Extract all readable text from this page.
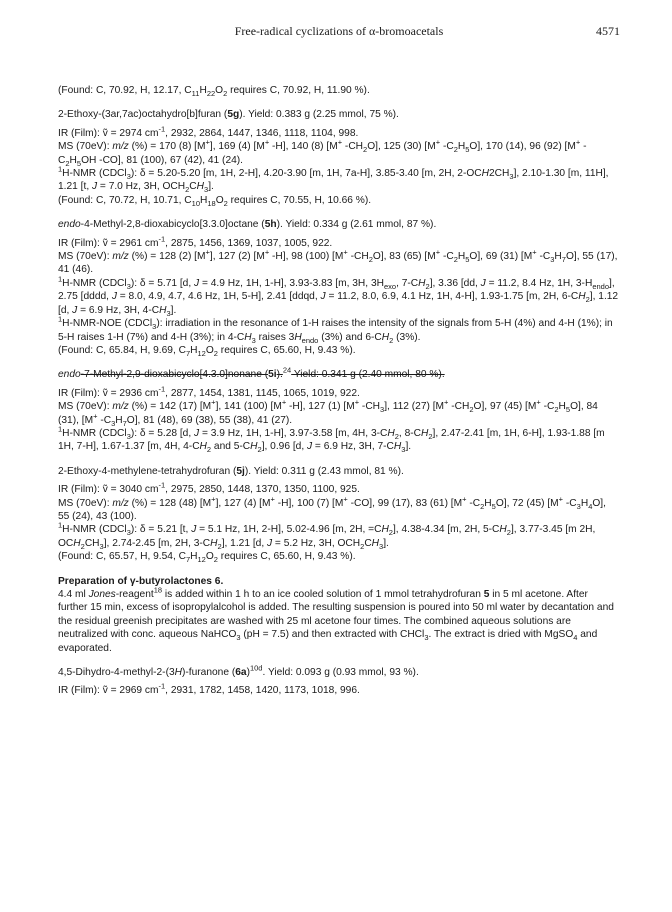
Free-radical cyclizations of α-bromoacetals	4571

(Found: C, 70.92, H, 12.17, $C_{11}H_{22}O_2$ requires C, 70.92, H, 11.90 %).

2-Ethoxy-(3ar,7ac)octahydro[b]furan (5g). Yield: 0.383 g (2.25 mmol, 75 %).

IR (Film): ṽ = 2974 $cm^{-1}$, 2932, 2864, 1447, 1346, 1118, 1104, 998.

MS (70eV): m/z (%) = 170 (8) [M+], 169 (4) [M+ -H], 140 (8) [M+ $-CH_2O$], 125 (30) [M+ $-C_2H_5O$], 170 (14), 96 (92) [M+ $-C_2H_5OH$ -CO], 81 (100), 67 (42), 41 (24).

$^1$H-NMR (CDCl$_3$): δ = 5.20-5.20 [m, 1H, 2-H], 4.20-3.90 [m, 1H, 7a-H], 3.85-3.40 [m, 2H, $2-OCH2CH_3$], 2.10-1.30 [m, 11H], 1.21 [t, J = 7.0 Hz, 3H, $OCH_2CH_3$].

(Found: C, 70.72, H, 10.71, $C_{10}H_{18}O_2$ requires C, 70.55, H, 10.66 %).

endo-4-Methyl-2,8-dioxabicyclo[3.3.0]octane (5h). Yield: 0.334 g (2.61 mmol, 87 %).

IR (Film): ṽ = 2961 $cm^{-1}$, 2875, 1456, 1369, 1037, 1005, 922.

MS (70eV): m/z (%) = 128 (2) [M+], 127 (2) [M+ -H], 98 (100) [M+ $-CH_2O$], 83 (65) [M+ $-C_2H_5O$], 69 (31) [M+ $-C_3H_7O$], 55 (17), 41 (46).

$^1$H-NMR (CDCl$_3$): δ = 5.71 [d, J = 4.9 Hz, 1H, 1-H], 3.93-3.83 [m, 3H, $3H_{exo}$, $7-CH_2$], 3.36 [dd, J = 11.2, 8.4 Hz, 1H, $3-H_{endo}$], 2.75 [dddd, J = 8.0, 4.9, 4.7, 4.6 Hz, 1H, 5-H], 2.41 [ddqd, J = 11.2, 8.0, 6.9, 4.1 Hz, 1H, 4-H], 1.93-1.75 [m, 2H, $6-CH_2$], 1.12 [d, J = 6.9 Hz, 3H, $4-CH_3$].

$^1$H-NMR-NOE (CDCl$_3$): irradiation in the resonance of 1-H raises the intensity of the signals from 5-H (4%) and 4-H (1%); in 5-H raises 1-H (7%) and 4-H (3%); in $4-CH_3$ raises $3H_{endo}$ (3%) and $6-CH_2$ (3%).

(Found: C, 65.84, H, 9.69, $C_7H_{12}O_2$ requires C, 65.60, H, 9.43 %).

endo-7-Methyl-2,9-dioxabicyclo[4.3.0]nonane (5i).$^{24}$ Yield: 0.341 g (2.40 mmol, 80 %).

IR (Film): ṽ = 2936 $cm^{-1}$, 2877, 1454, 1381, 1145, 1065, 1019, 922.

MS (70eV): m/z (%) = 142 (17) [M+], 141 (100) [M+ -H], 127 (1) [M+ $-CH_3$], 112 (27) [M+ $-CH_2O$], 97 (45) [M+ $-C_2H_5O$], 84 (31), [M+ $-C_3H_7O$], 81 (48), 69 (38), 55 (38), 41 (27).

$^1$H-NMR (CDCl$_3$): δ = 5.28 [d, J = 3.9 Hz, 1H, 1-H], 3.97-3.58 [m, 4H, $3-CH_2$, $8-CH_2$], 2.47-2.41 [m, 1H, 6-H], 1.93-1.88 [m 1H, 7-H], 1.67-1.37 [m, 4H, $4-CH_2$ and $5-CH_2$], 0.96 [d, J = 6.9 Hz, 3H, $7-CH_3$].

2-Ethoxy-4-methylene-tetrahydrofuran (5j). Yield: 0.311 g (2.43 mmol, 81 %).

IR (Film): ṽ = 3040 $cm^{-1}$, 2975, 2850, 1448, 1370, 1350, 1100, 925.

MS (70eV): m/z (%) = 128 (48) [M+], 127 (4) [M+ -H], 100 (7) [M+ -CO], 99 (17), 83 (61) [M+ $-C_2H_5O$], 72 (45) [M+ $-C_3H_4O$], 55 (24), 43 (100).

$^1$H-NMR (CDCl$_3$): δ = 5.21 [t, J = 5.1 Hz, 1H, 2-H], 5.02-4.96 [m, 2H, $=CH_2$], 4.38-4.34 [m, 2H, $5-CH_2$], 3.77-3.45 [m 2H, $OCH_2CH_3$], 2.74-2.45 [m, 2H, $3-CH_2$], 1.21 [d, J = 5.2 Hz, 3H, $OCH_2CH_3$].

(Found: C, 65.57, H, 9.54, $C_7H_{12}O_2$ requires C, 65.60, H, 9.43 %).

Preparation of γ-butyrolactones 6.

4.4 ml Jones-reagent$^{18}$ is added within 1 h to an ice cooled solution of 1 mmol tetrahydrofuran 5 in 5 ml acetone. After further 15 min, excess of isopropylalcohol is added. The resulting suspension is poured into 50 ml water by decantation and the residual greenish precipitates are washed with 25 ml acetone four times. The combined aqueous solutions are neutralized with conc. aqueous NaHCO$_3$ (pH = 7.5) and then extracted with CHCl$_3$. The extract is dried with MgSO$_4$ and evaporated.

4,5-Dihydro-4-methyl-2-(3H)-furanone $(6a)^{10d}$. Yield: 0.093 g (0.93 mmol, 93 %).

IR (Film): ṽ = 2969 $cm^{-1}$, 2931, 1782, 1458, 1420, 1173, 1018, 996.
